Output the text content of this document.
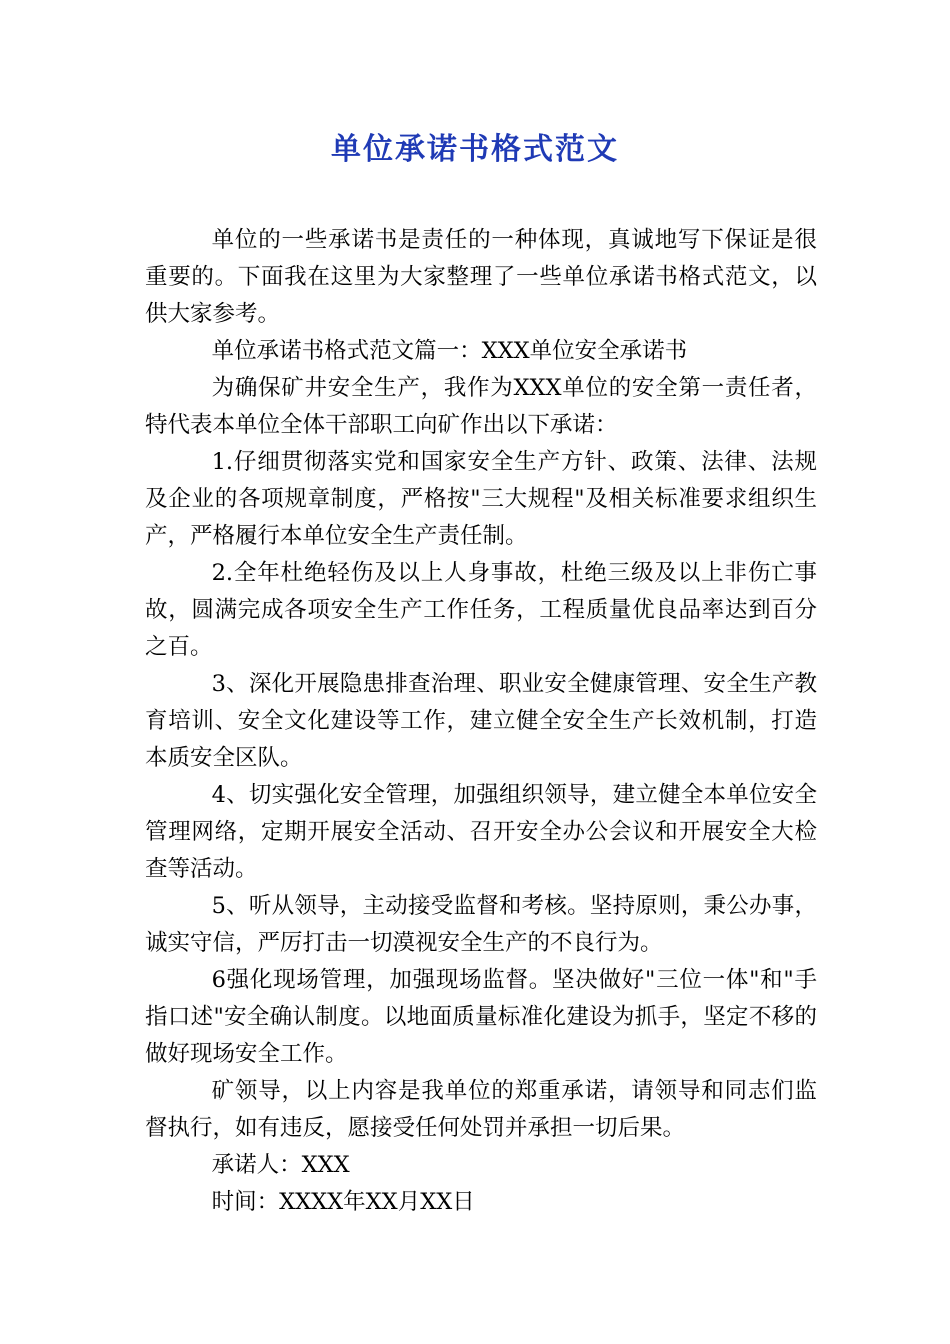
单位承诺书格式范文

单位的一些承诺书是责任的一种体现，真诚地写下保证是很重要的。下面我在这里为大家整理了一些单位承诺书格式范文，以供大家参考。

单位承诺书格式范文篇一：XXX单位安全承诺书

为确保矿井安全生产，我作为XXX单位的安全第一责任者，特代表本单位全体干部职工向矿作出以下承诺：

1.仔细贯彻落实党和国家安全生产方针、政策、法律、法规及企业的各项规章制度，严格按"三大规程"及相关标准要求组织生产，严格履行本单位安全生产责任制。

2.全年杜绝轻伤及以上人身事故，杜绝三级及以上非伤亡事故，圆满完成各项安全生产工作任务，工程质量优良品率达到百分之百。

3、深化开展隐患排查治理、职业安全健康管理、安全生产教育培训、安全文化建设等工作，建立健全安全生产长效机制，打造本质安全区队。

4、切实强化安全管理，加强组织领导，建立健全本单位安全管理网络，定期开展安全活动、召开安全办公会议和开展安全大检查等活动。

5、听从领导，主动接受监督和考核。坚持原则，秉公办事，诚实守信，严厉打击一切漠视安全生产的不良行为。

6强化现场管理，加强现场监督。坚决做好"三位一体"和"手指口述"安全确认制度。以地面质量标准化建设为抓手，坚定不移的做好现场安全工作。

矿领导，以上内容是我单位的郑重承诺，请领导和同志们监督执行，如有违反，愿接受任何处罚并承担一切后果。

承诺人：XXX

时间：XXXX年XX月XX日
